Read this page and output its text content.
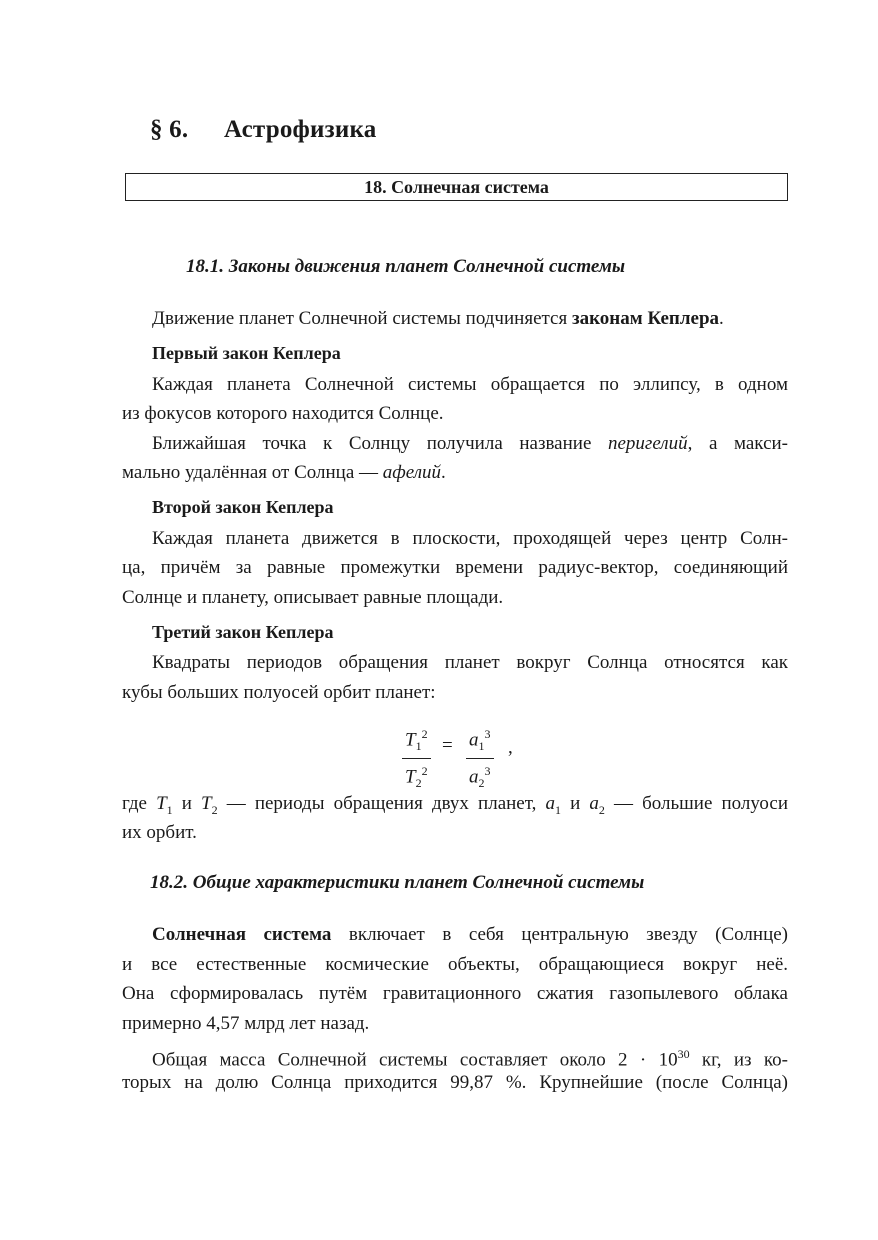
§ 6. Астрофизика
18. Солнечная система
18.1. Законы движения планет Солнечной системы
Движение планет Солнечной системы подчиняется законам Кеплера.
Первый закон Кеплера
Каждая планета Солнечной системы обращается по эллипсу, в одном
из фокусов которого находится Солнце.
Ближайшая точка к Солнцу получила название перигелий, а макси-
мально удалённая от Солнца — афелий.
Второй закон Кеплера
Каждая планета движется в плоскости, проходящей через центр Солн-
ца, причём за равные промежутки времени радиус-вектор, соединяющий
Солнце и планету, описывает равные площади.
Третий закон Кеплера
Квадраты периодов обращения планет вокруг Солнца относятся как
кубы больших полуосей орбит планет:
$\frac{T_1^2}{T_2^2} = \frac{a_1^3}{a_2^3}$ ,
где $T_1$ и $T_2$ — периоды обращения двух планет, $a_1$ и $a_2$ — большие полуоси
их орбит.
18.2. Общие характеристики планет Солнечной системы
Солнечная система включает в себя центральную звезду (Солнце)
и все естественные космические объекты, обращающиеся вокруг неё.
Она сформировалась путём гравитационного сжатия газопылевого облака
примерно 4,57 млрд лет назад.
Общая масса Солнечной системы составляет около $2 \cdot 10^{30}$ кг, из ко-
торых на долю Солнца приходится 99,87 %. Крупнейшие (после Солнца)
